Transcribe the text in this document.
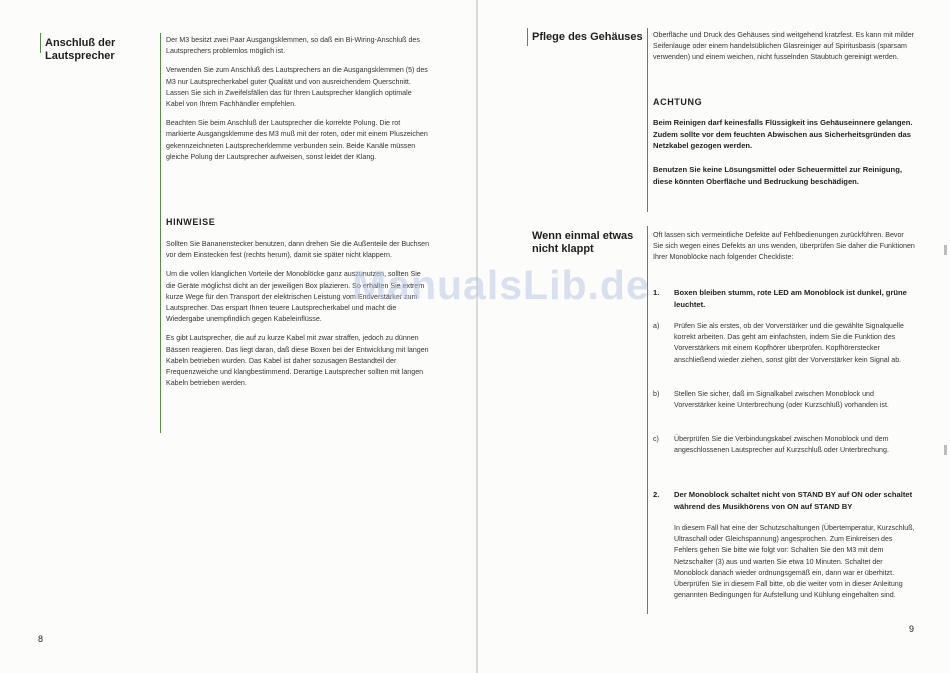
Anschluß der Lautsprecher

Der M3 besitzt zwei Paar Ausgangsklemmen, so daß ein Bi-Wiring-Anschluß des Lautsprechers problemlos möglich ist.

Verwenden Sie zum Anschluß des Lautsprechers an die Ausgangsklemmen (5) des M3 nur Lautsprecherkabel guter Qualität und von ausreichendem Querschnitt. Lassen Sie sich in Zweifelsfällen das für Ihren Lautsprecher klanglich optimale Kabel von Ihrem Fachhändler empfehlen.

Beachten Sie beim Anschluß der Lautsprecher die korrekte Polung. Die rot markierte Ausgangsklemme des M3 muß mit der roten, oder mit einem Pluszeichen gekennzeichneten Lautsprecherklemme verbunden sein. Beide Kanäle müssen gleiche Polung der Lautsprecher aufweisen, sonst leidet der Klang.

HINWEISE

Sollten Sie Bananenstecker benutzen, dann drehen Sie die Außenteile der Buchsen vor dem Einstecken fest (rechts herum), damit sie später nicht klappern.

Um die vollen klanglichen Vorteile der Monoblöcke ganz auszunutzen, sollten Sie die Geräte möglichst dicht an der jeweiligen Box plazieren. So erhalten Sie extrem kurze Wege für den Transport der elektrischen Leistung vom Endverstärker zum Lautsprecher. Das erspart Ihnen teuere Lautsprecherkabel und macht die Wiedergabe unempfindlich gegen Kabeleinflüsse.

Es gibt Lautsprecher, die auf zu kurze Kabel mit zwar straffen, jedoch zu dünnen Bässen reagieren. Das liegt daran, daß diese Boxen bei der Entwicklung mit langen Kabeln betrieben wurden. Das Kabel ist daher sozusagen Bestandteil der Frequenzweiche und klangbestimmend. Derartige Lautsprecher sollten mit langen Kabeln betrieben werden.

8
Pflege des Gehäuses Oberfläche und Druck des Gehäuses sind weitgehend kratzfest. Es kann mit milder Seifenlauge oder einem handelsüblichen Glasreiniger auf Spiritusbasis (sparsam verwenden) und einem weichen, nicht fusselnden Staubtuch gereinigt werden.

ACHTUNG

Beim Reinigen darf keinesfalls Flüssigkeit ins Gehäuseinnere gelangen. Zudem sollte vor dem feuchten Abwischen aus Sicherheitsgründen das Netzkabel gezogen werden.

Benutzen Sie keine Lösungsmittel oder Scheuermittel zur Reinigung, diese könnten Oberfläche und Bedruckung beschädigen.

Wenn einmal etwas nicht klappt

Oft lassen sich vermeintliche Defekte auf Fehlbedienungen zurückführen. Bevor Sie sich wegen eines Defekts an uns wenden, überprüfen Sie daher die Funktionen Ihrer Monoblöcke nach folgender Checkliste:

1. Boxen bleiben stumm, rote LED am Monoblock ist dunkel, grüne leuchtet.
a) Prüfen Sie als erstes, ob der Vorverstärker und die gewählte Signalquelle korrekt arbeiten. Das geht am einfachsten, indem Sie die Funktion des Vorverstärkers mit einem Kopfhörer überprüfen. Kopfhörerstecker anschließend wieder ziehen, sonst gibt der Vorverstärker kein Signal ab.
b) Stellen Sie sicher, daß im Signalkabel zwischen Monoblock und Vorverstärker keine Unterbrechung (oder Kurzschluß) vorhanden ist.
c) Überprüfen Sie die Verbindungskabel zwischen Monoblock und dem angeschlossenen Lautsprecher auf Kurzschluß oder Unterbrechung.
2. Der Monoblock schaltet nicht von STAND BY auf ON oder schaltet während des Musikhörens von ON auf STAND BY

In diesem Fall hat eine der Schutzschaltungen (Übertemperatur, Kurzschluß, Ultraschall oder Gleichspannung) angesprochen. Zum Einkreisen des Fehlers gehen Sie bitte wie folgt vor: Schalten Sie den M3 mit dem Netzschalter (3) aus und warten Sie etwa 10 Minuten. Schaltet der Monoblock danach wieder ordnungsgemäß ein, dann war er überhitzt. Überprüfen Sie in diesem Fall bitte, ob die weiter vorn in dieser Anleitung genannten Bedingungen für Aufstellung und Kühlung eingehalten sind.

9
ManualsLib.de
